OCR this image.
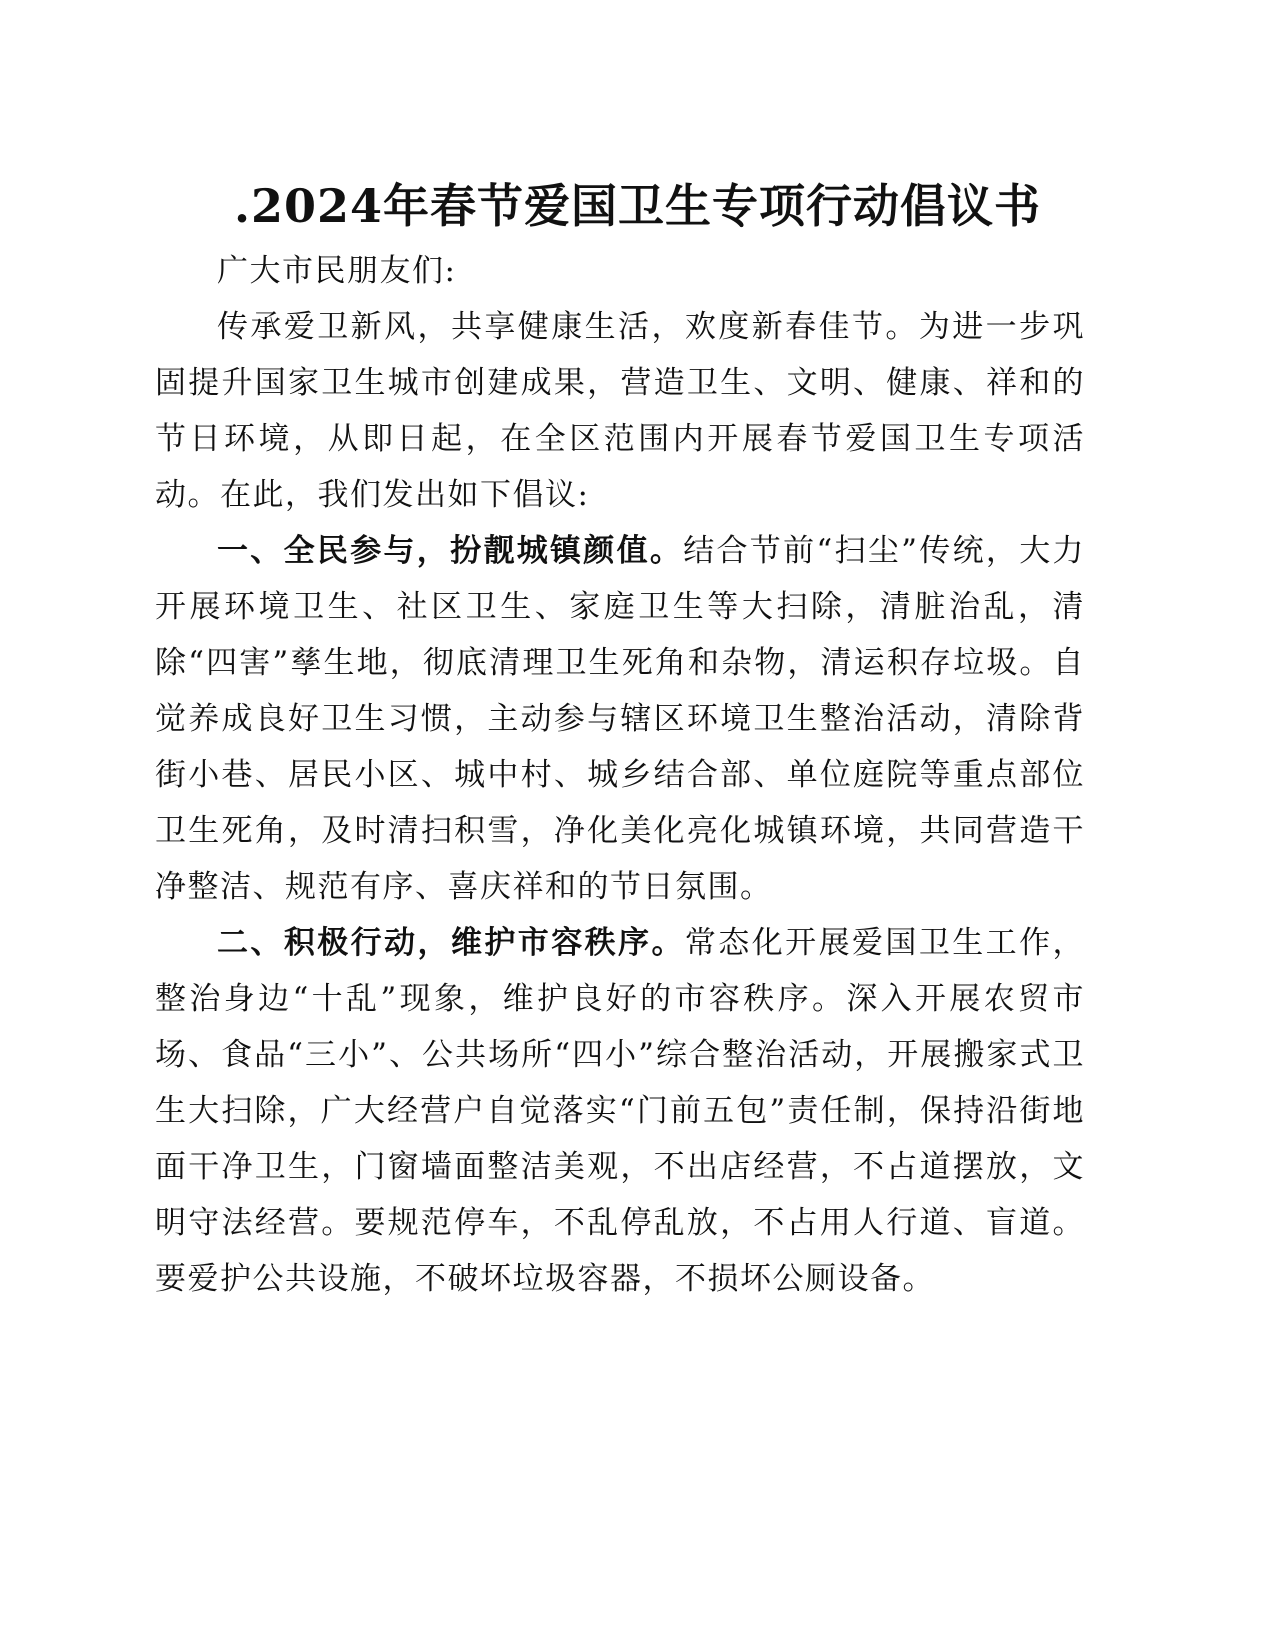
.2024年春节爱国卫生专项行动倡议书

广大市民朋友们:

传承爱卫新风，共享健康生活，欢度新春佳节。为进一步巩固提升国家卫生城市创建成果，营造卫生、文明、健康、祥和的节日环境，从即日起，在全区范围内开展春节爱国卫生专项活动。在此，我们发出如下倡议:

一、全民参与，扮靓城镇颜值。结合节前“扫尘”传统，大力开展环境卫生、社区卫生、家庭卫生等大扫除，清脏治乱，清除“四害”孳生地，彻底清理卫生死角和杂物，清运积存垃圾。自觉养成良好卫生习惯，主动参与辖区环境卫生整治活动，清除背街小巷、居民小区、城中村、城乡结合部、单位庭院等重点部位卫生死角，及时清扫积雪，净化美化亮化城镇环境，共同营造干净整洁、规范有序、喜庆祥和的节日氛围。

二、积极行动，维护市容秩序。常态化开展爱国卫生工作，整治身边“十乱”现象，维护良好的市容秩序。深入开展农贸市场、食品“三小”、公共场所“四小”综合整治活动，开展搬家式卫生大扫除，广大经营户自觉落实“门前五包”责任制，保持沿街地面干净卫生，门窗墙面整洁美观，不出店经营，不占道摆放，文明守法经营。要规范停车，不乱停乱放，不占用人行道、盲道。要爱护公共设施，不破坏垃圾容器，不损坏公厕设备。
